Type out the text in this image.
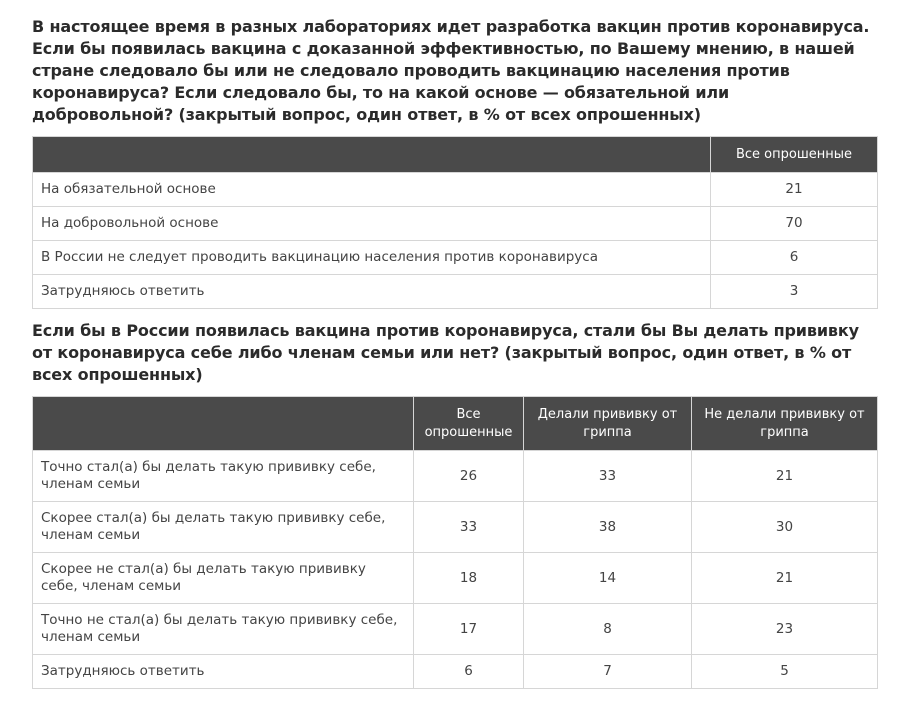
В настоящее время в разных лабораториях идет разработка вакцин против коронавируса. Если бы появилась вакцина с доказанной эффективностью, по Вашему мнению, в нашей стране следовало бы или не следовало проводить вакцинацию населения против коронавируса? Если следовало бы, то на какой основе — обязательной или добровольной? (закрытый вопрос, один ответ, в % от всех опрошенных)

	Все опрошенные
На обязательной основе	21
На добровольной основе	70
В России не следует проводить вакцинацию населения против коронавируса	6
Затрудняюсь ответить	3

Если бы в России появилась вакцина против коронавируса, стали бы Вы делать прививку от коронавируса себе либо членам семьи или нет? (закрытый вопрос, один ответ, в % от всех опрошенных)

	Все опрошенные	Делали прививку от гриппа	Не делали прививку от гриппа
Точно стал(а) бы делать такую прививку себе, членам семьи	26	33	21
Скорее стал(а) бы делать такую прививку себе, членам семьи	33	38	30
Скорее не стал(а) бы делать такую прививку себе, членам семьи	18	14	21
Точно не стал(а) бы делать такую прививку себе, членам семьи	17	8	23
Затрудняюсь ответить	6	7	5
